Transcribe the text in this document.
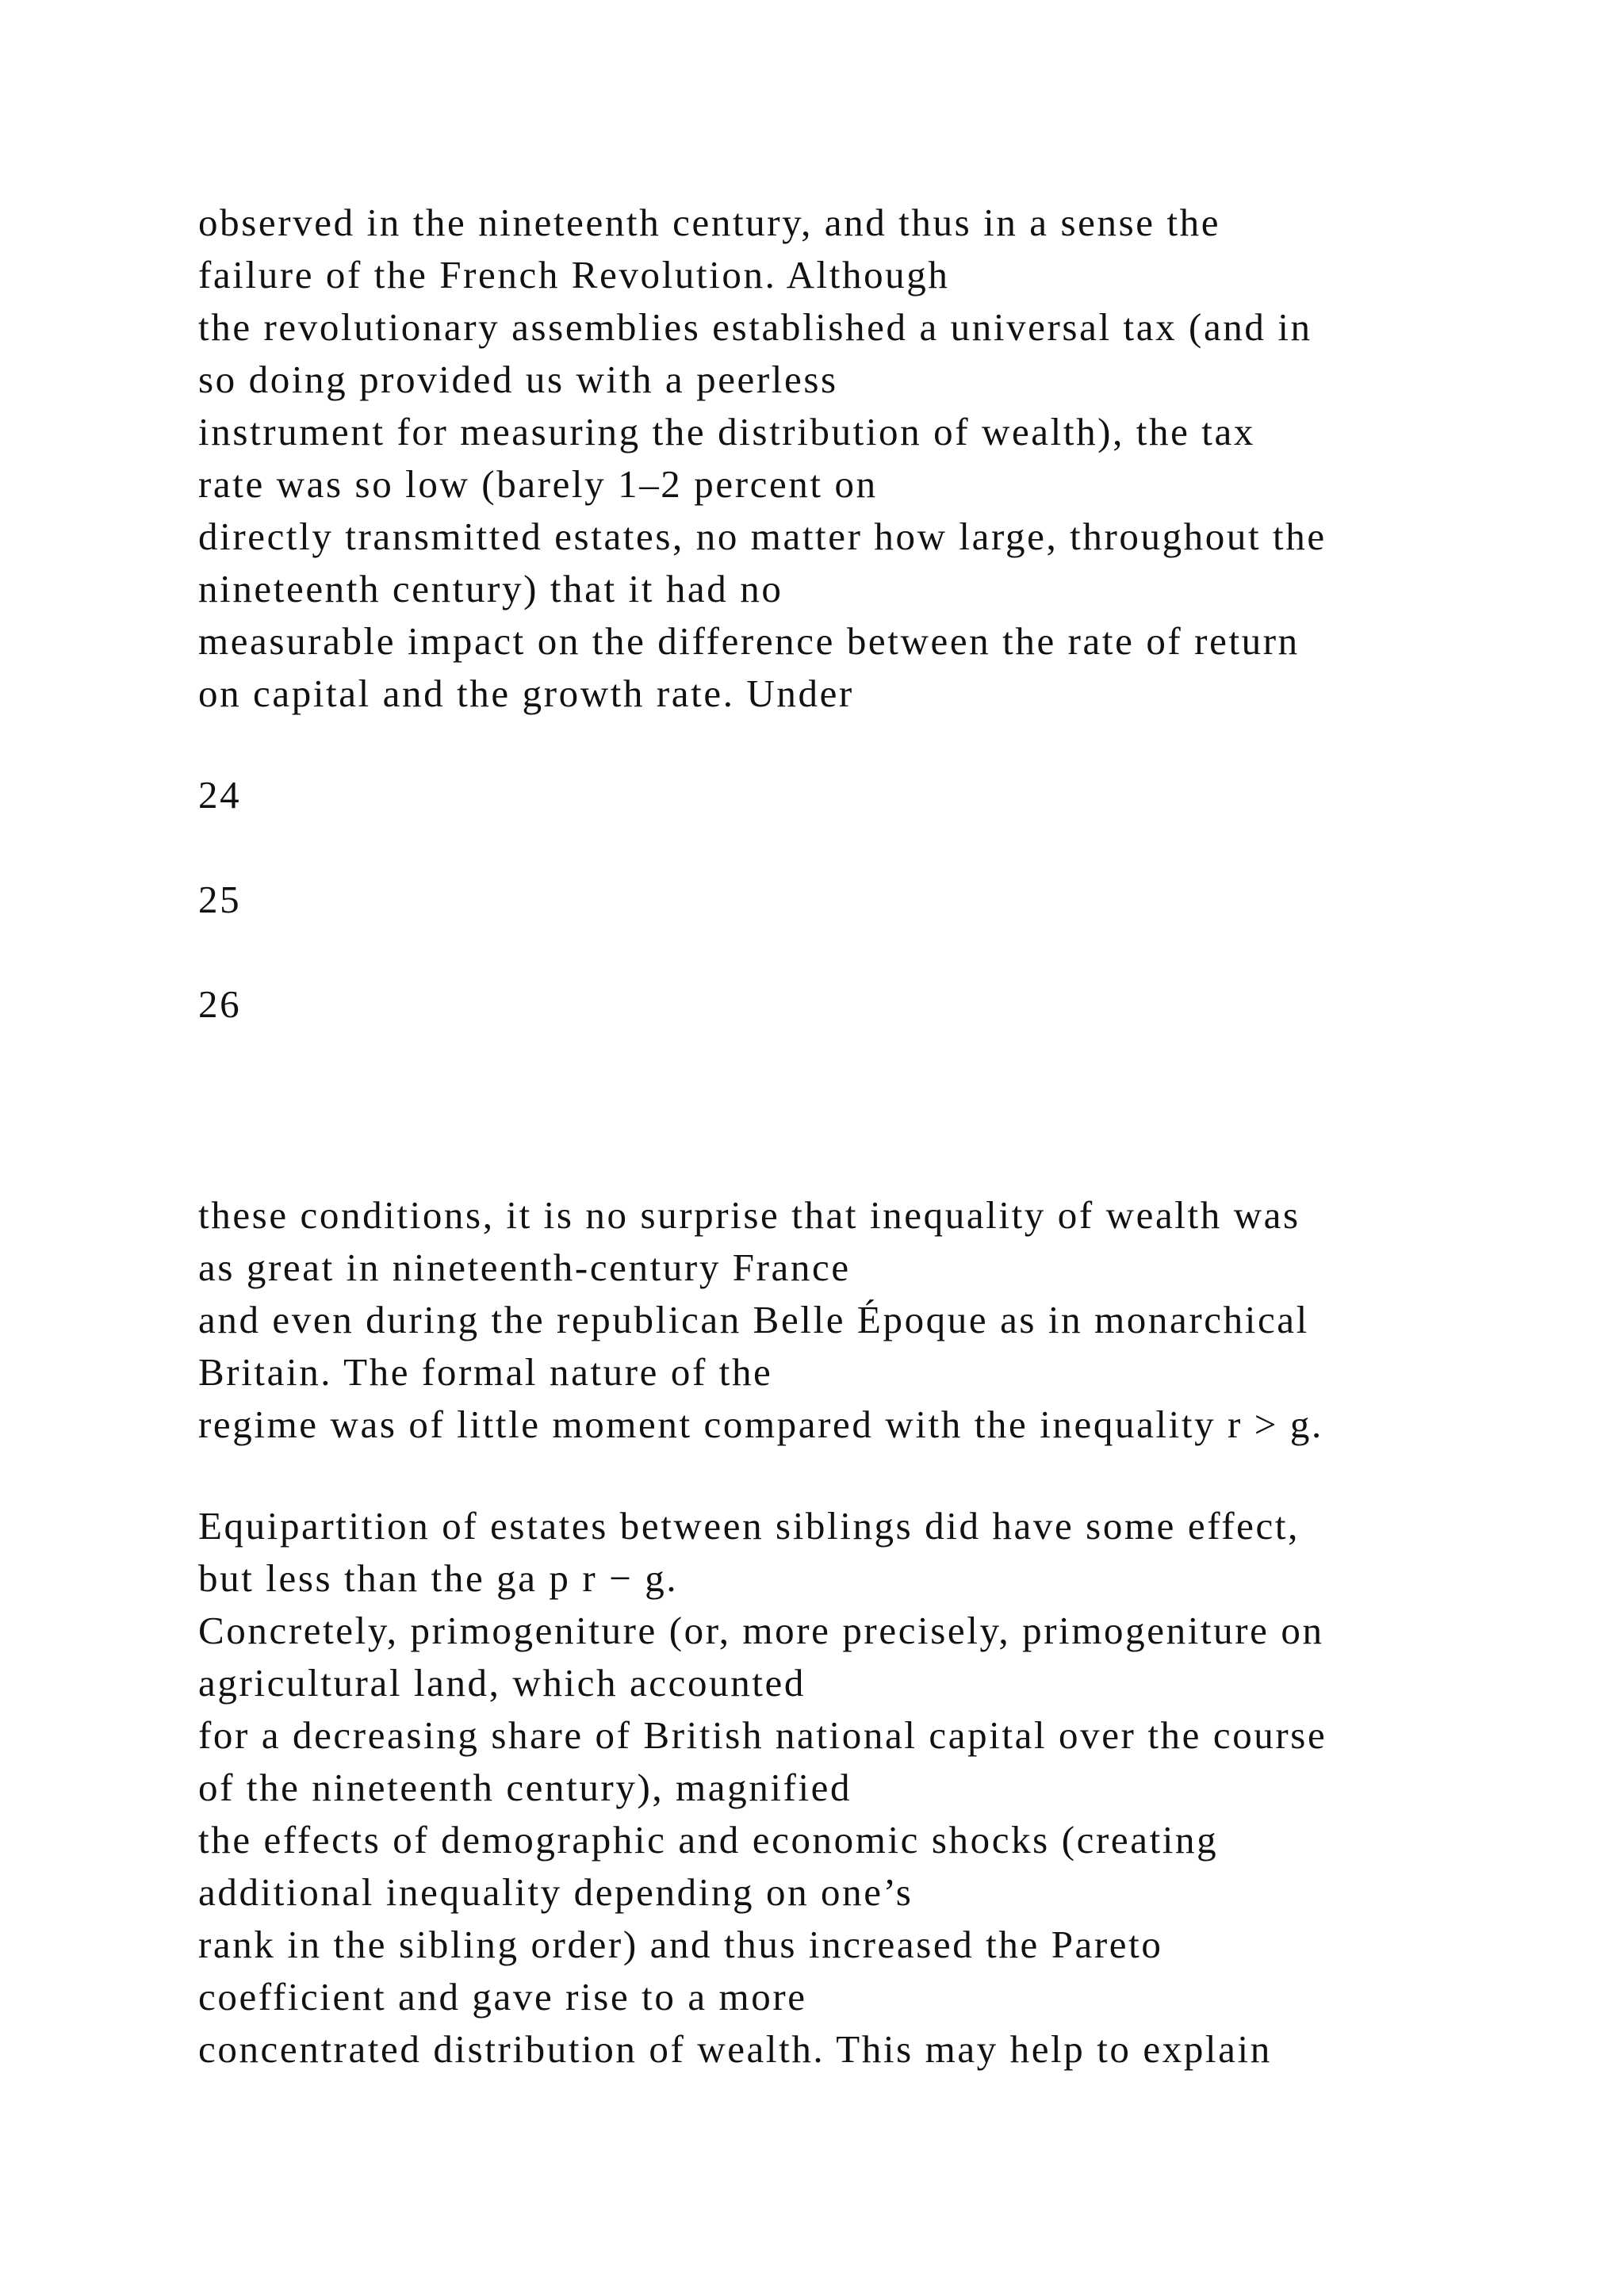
observed in the nineteenth century, and thus in a sense the
failure of the French Revolution. Although
the revolutionary assemblies established a universal tax (and in
so doing provided us with a peerless
instrument for measuring the distribution of wealth), the tax
rate was so low (barely 1–2 percent on
directly transmitted estates, no matter how large, throughout the
nineteenth century) that it had no
measurable impact on the difference between the rate of return
on capital and the growth rate. Under
24
25
26
these conditions, it is no surprise that inequality of wealth was
as great in nineteenth-century France
and even during the republican Belle Époque as in monarchical
Britain. The formal nature of the
regime was of little moment compared with the inequality r > g.
Equipartition of estates between siblings did have some effect,
but less than the ga p r − g.
Concretely, primogeniture (or, more precisely, primogeniture on
agricultural land, which accounted
for a decreasing share of British national capital over the course
of the nineteenth century), magnified
the effects of demographic and economic shocks (creating
additional inequality depending on one’s
rank in the sibling order) and thus increased the Pareto
coefficient and gave rise to a more
concentrated distribution of wealth. This may help to explain
